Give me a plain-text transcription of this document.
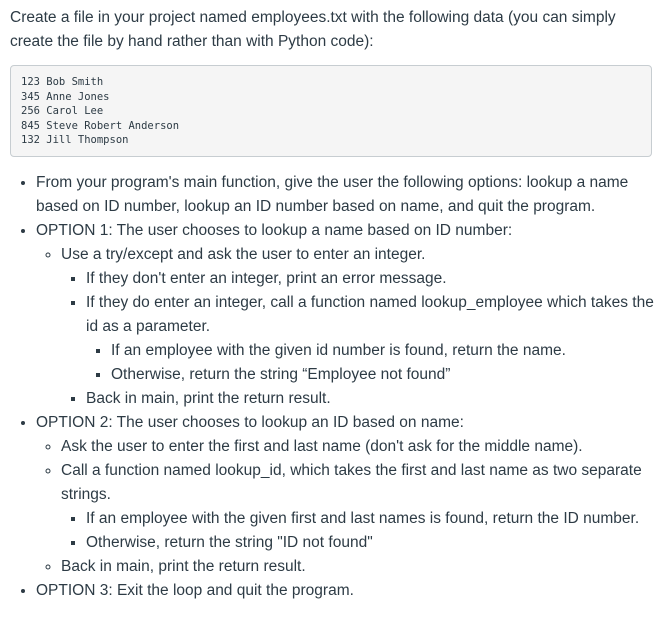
Create a file in your project named employees.txt with the following data (you can simply create the file by hand rather than with Python code):

123 Bob Smith
345 Anne Jones
256 Carol Lee
845 Steve Robert Anderson
132 Jill Thompson
• From your program's main function, give the user the following options: lookup a name based on ID number, lookup an ID number based on name, and quit the program.
• OPTION 1: The user chooses to lookup a name based on ID number:
◦ Use a try/except and ask the user to enter an integer.
▪ If they don't enter an integer, print an error message.
▪ If they do enter an integer, call a function named lookup_employee which takes the id as a parameter.
▪ If an employee with the given id number is found, return the name.
▪ Otherwise, return the string “Employee not found”
▪ Back in main, print the return result.
• OPTION 2: The user chooses to lookup an ID based on name:
◦ Ask the user to enter the first and last name (don't ask for the middle name).
◦ Call a function named lookup_id, which takes the first and last name as two separate strings.
▪ If an employee with the given first and last names is found, return the ID number.
▪ Otherwise, return the string "ID not found"
◦ Back in main, print the return result.
• OPTION 3: Exit the loop and quit the program.
